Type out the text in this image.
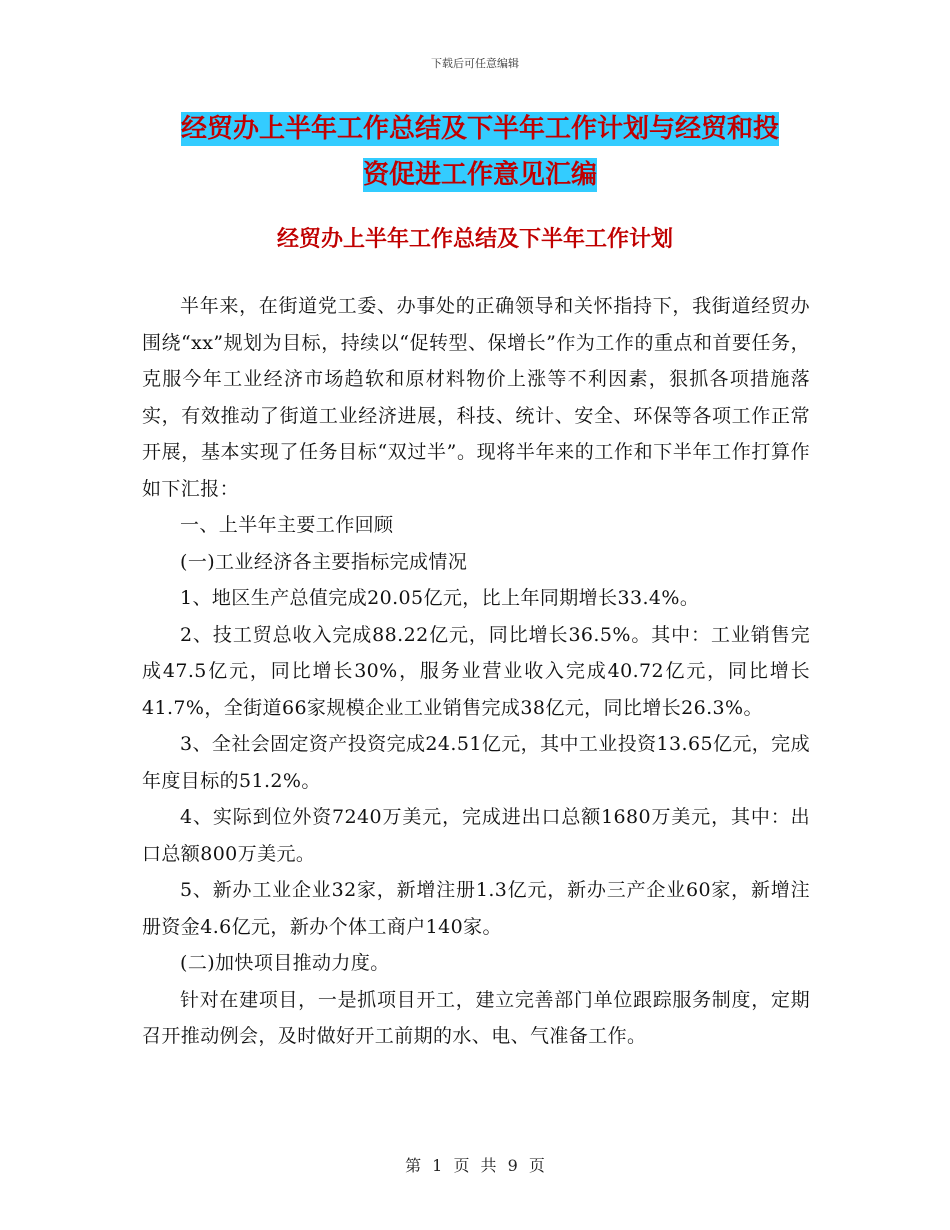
下载后可任意编辑
经贸办上半年工作总结及下半年工作计划与经贸和投
资促进工作意见汇编
经贸办上半年工作总结及下半年工作计划

半年来，在街道党工委、办事处的正确领导和关怀指持下，我街道经贸办围绕“xx”规划为目标，持续以“促转型、保增长”作为工作的重点和首要任务，克服今年工业经济市场趋软和原材料物价上涨等不利因素，狠抓各项措施落实，有效推动了街道工业经济进展，科技、统计、安全、环保等各项工作正常开展，基本实现了任务目标“双过半”。现将半年来的工作和下半年工作打算作如下汇报：

一、上半年主要工作回顾

(一)工业经济各主要指标完成情况

1、地区生产总值完成20.05亿元，比上年同期增长33.4%。

2、技工贸总收入完成88.22亿元，同比增长36.5%。其中：工业销售完成47.5亿元，同比增长30%，服务业营业收入完成40.72亿元，同比增长41.7%，全街道66家规模企业工业销售完成38亿元，同比增长26.3%。

3、全社会固定资产投资完成24.51亿元，其中工业投资13.65亿元，完成年度目标的51.2%。

4、实际到位外资7240万美元，完成进出口总额1680万美元，其中：出口总额800万美元。

5、新办工业企业32家，新增注册1.3亿元，新办三产企业60家，新增注册资金4.6亿元，新办个体工商户140家。

(二)加快项目推动力度。

针对在建项目，一是抓项目开工，建立完善部门单位跟踪服务制度，定期召开推动例会，及时做好开工前期的水、电、气准备工作。

第 1 页 共 9 页
